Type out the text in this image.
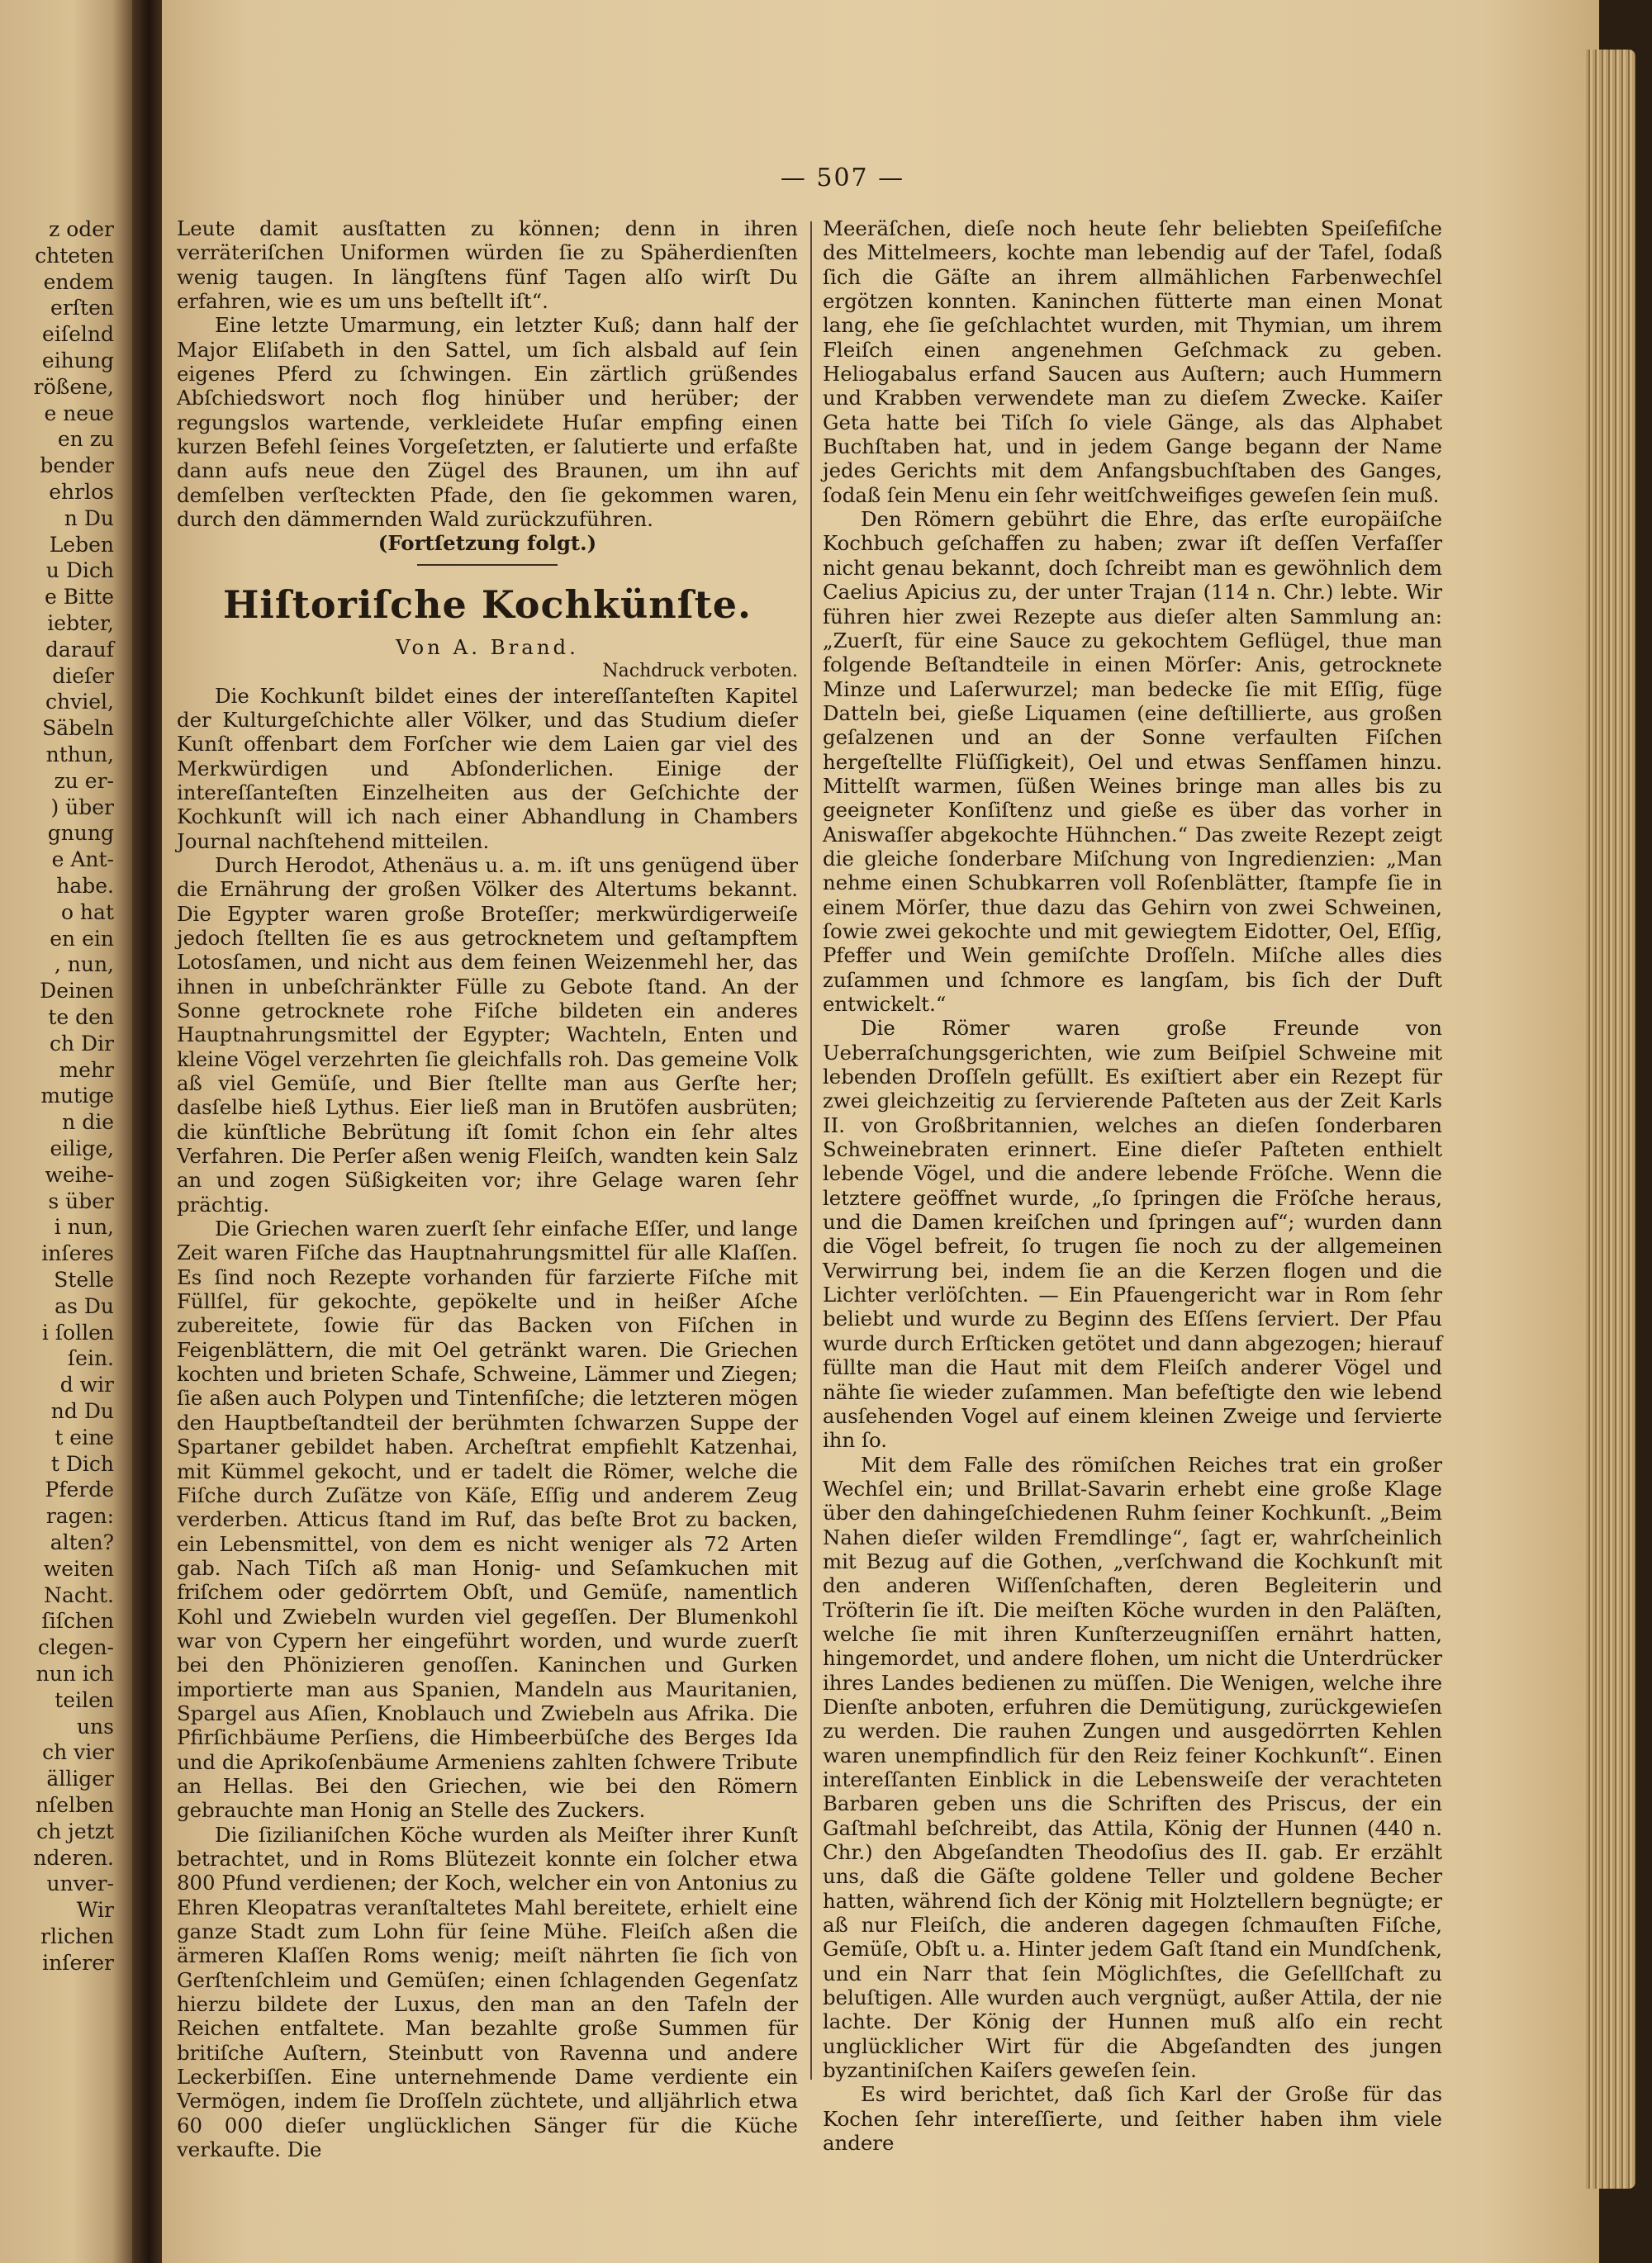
z oder
chteten
endem
erſten
eiſelnd
eihung
rößene,
e neue
en zu
bender
ehrlos
n Du
Leben
u Dich
e Bitte
iebter,
darauf
dieſer
chviel,
Säbeln
nthun,
zu er-
) über
gnung
e Ant-
habe.
o hat
en ein
, nun,
Deinen
te den
ch Dir
mehr
mutige
n die
eilige,
weihe-
s über
i nun,
inſeres
Stelle
as Du
i ſollen
ſein.
d wir
nd Du
t eine
t Dich
Pferde
ragen:
alten?
weiten
Nacht.
ſiſchen
clegen-
nun ich
teilen
uns
ch vier
älliger
nſelben
ch jetzt
nderen.
unver-
Wir
rlichen
inſerer
— 507 —

Leute damit ausſtatten zu können; denn in ihren verräteriſchen Uniformen würden ſie zu Späherdienſten wenig taugen. In längſtens fünf Tagen alſo wirſt Du erfahren, wie es um uns beſtellt iſt“.

Eine letzte Umarmung, ein letzter Kuß; dann half der Major Eliſabeth in den Sattel, um ſich alsbald auf ſein eigenes Pferd zu ſchwingen. Ein zärtlich grüßendes Abſchiedswort noch flog hinüber und herüber; der regungslos wartende, verkleidete Huſar empfing einen kurzen Befehl ſeines Vorgeſetzten, er ſalutierte und erfaßte dann aufs neue den Zügel des Braunen, um ihn auf demſelben verſteckten Pfade, den ſie gekommen waren, durch den dämmernden Wald zurückzuführen.

(Fortſetzung folgt.)

Hiſtoriſche Kochkünſte.

Von A. Brand.

Nachdruck verboten.

Die Kochkunſt bildet eines der intereſſanteſten Kapitel der Kulturgeſchichte aller Völker, und das Studium dieſer Kunſt offenbart dem Forſcher wie dem Laien gar viel des Merkwürdigen und Abſonderlichen. Einige der intereſſanteſten Einzelheiten aus der Geſchichte der Kochkunſt will ich nach einer Abhandlung in Chambers Journal nachſtehend mitteilen.

Durch Herodot, Athenäus u. a. m. iſt uns genügend über die Ernährung der großen Völker des Altertums bekannt. Die Egypter waren große Broteſſer; merkwürdigerweiſe jedoch ſtellten ſie es aus getrocknetem und geſtampftem Lotosſamen, und nicht aus dem feinen Weizenmehl her, das ihnen in unbeſchränkter Fülle zu Gebote ſtand. An der Sonne getrocknete rohe Fiſche bildeten ein anderes Hauptnahrungsmittel der Egypter; Wachteln, Enten und kleine Vögel verzehrten ſie gleichfalls roh. Das gemeine Volk aß viel Gemüſe, und Bier ſtellte man aus Gerſte her; dasſelbe hieß Lythus. Eier ließ man in Brutöfen ausbrüten; die künſtliche Bebrütung iſt ſomit ſchon ein ſehr altes Verfahren. Die Perſer aßen wenig Fleiſch, wandten kein Salz an und zogen Süßigkeiten vor; ihre Gelage waren ſehr prächtig.

Die Griechen waren zuerſt ſehr einfache Eſſer, und lange Zeit waren Fiſche das Hauptnahrungsmittel für alle Klaſſen. Es ſind noch Rezepte vorhanden für farzierte Fiſche mit Füllſel, für gekochte, gepökelte und in heißer Aſche zubereitete, ſowie für das Backen von Fiſchen in Feigenblättern, die mit Oel getränkt waren. Die Griechen kochten und brieten Schafe, Schweine, Lämmer und Ziegen; ſie aßen auch Polypen und Tintenfiſche; die letzteren mögen den Hauptbeſtandteil der berühmten ſchwarzen Suppe der Spartaner gebildet haben. Archeſtrat empfiehlt Katzenhai, mit Kümmel gekocht, und er tadelt die Römer, welche die Fiſche durch Zuſätze von Käſe, Eſſig und anderem Zeug verderben. Atticus ſtand im Ruf, das beſte Brot zu backen, ein Lebensmittel, von dem es nicht weniger als 72 Arten gab. Nach Tiſch aß man Honig- und Seſamkuchen mit friſchem oder gedörrtem Obſt, und Gemüſe, namentlich Kohl und Zwiebeln wurden viel gegeſſen. Der Blumenkohl war von Cypern her eingeführt worden, und wurde zuerſt bei den Phönizieren genoſſen. Kaninchen und Gurken importierte man aus Spanien, Mandeln aus Mauritanien, Spargel aus Aſien, Knoblauch und Zwiebeln aus Afrika. Die Pfirſichbäume Perſiens, die Himbeerbüſche des Berges Ida und die Aprikoſenbäume Armeniens zahlten ſchwere Tribute an Hellas. Bei den Griechen, wie bei den Römern gebrauchte man Honig an Stelle des Zuckers.

Die ſizilianiſchen Köche wurden als Meiſter ihrer Kunſt betrachtet, und in Roms Blütezeit konnte ein ſolcher etwa 800 Pfund verdienen; der Koch, welcher ein von Antonius zu Ehren Kleopatras veranſtaltetes Mahl bereitete, erhielt eine ganze Stadt zum Lohn für ſeine Mühe. Fleiſch aßen die ärmeren Klaſſen Roms wenig; meiſt nährten ſie ſich von Gerſtenſchleim und Gemüſen; einen ſchlagenden Gegenſatz hierzu bildete der Luxus, den man an den Tafeln der Reichen entfaltete. Man bezahlte große Summen für britiſche Auſtern, Steinbutt von Ravenna und andere Leckerbiſſen. Eine unternehmende Dame verdiente ein Vermögen, indem ſie Droſſeln züchtete, und alljährlich etwa 60 000 dieſer unglücklichen Sänger für die Küche verkaufte. Die

Meeräſchen, dieſe noch heute ſehr beliebten Speiſefiſche des Mittelmeers, kochte man lebendig auf der Tafel, ſodaß ſich die Gäſte an ihrem allmählichen Farbenwechſel ergötzen konnten. Kaninchen fütterte man einen Monat lang, ehe ſie geſchlachtet wurden, mit Thymian, um ihrem Fleiſch einen angenehmen Geſchmack zu geben. Heliogabalus erfand Saucen aus Auſtern; auch Hummern und Krabben verwendete man zu dieſem Zwecke. Kaiſer Geta hatte bei Tiſch ſo viele Gänge, als das Alphabet Buchſtaben hat, und in jedem Gange begann der Name jedes Gerichts mit dem Anfangsbuchſtaben des Ganges, ſodaß ſein Menu ein ſehr weitſchweifiges geweſen ſein muß.

Den Römern gebührt die Ehre, das erſte europäiſche Kochbuch geſchaffen zu haben; zwar iſt deſſen Verfaſſer nicht genau bekannt, doch ſchreibt man es gewöhnlich dem Caelius Apicius zu, der unter Trajan (114 n. Chr.) lebte. Wir führen hier zwei Rezepte aus dieſer alten Sammlung an: „Zuerſt, für eine Sauce zu gekochtem Geflügel, thue man folgende Beſtandteile in einen Mörſer: Anis, getrocknete Minze und Laſerwurzel; man bedecke ſie mit Eſſig, füge Datteln bei, gieße Liquamen (eine deſtillierte, aus großen geſalzenen und an der Sonne verfaulten Fiſchen hergeſtellte Flüſſigkeit), Oel und etwas Senfſamen hinzu. Mittelſt warmen, ſüßen Weines bringe man alles bis zu geeigneter Konſiſtenz und gieße es über das vorher in Aniswaſſer abgekochte Hühnchen.“ Das zweite Rezept zeigt die gleiche ſonderbare Miſchung von Ingredienzien: „Man nehme einen Schubkarren voll Roſenblätter, ſtampfe ſie in einem Mörſer, thue dazu das Gehirn von zwei Schweinen, ſowie zwei gekochte und mit gewiegtem Eidotter, Oel, Eſſig, Pfeffer und Wein gemiſchte Droſſeln. Miſche alles dies zuſammen und ſchmore es langſam, bis ſich der Duft entwickelt.“

Die Römer waren große Freunde von Ueberraſchungsgerichten, wie zum Beiſpiel Schweine mit lebenden Droſſeln gefüllt. Es exiſtiert aber ein Rezept für zwei gleichzeitig zu ſervierende Paſteten aus der Zeit Karls II. von Großbritannien, welches an dieſen ſonderbaren Schweinebraten erinnert. Eine dieſer Paſteten enthielt lebende Vögel, und die andere lebende Fröſche. Wenn die letztere geöffnet wurde, „ſo ſpringen die Fröſche heraus, und die Damen kreiſchen und ſpringen auf“; wurden dann die Vögel befreit, ſo trugen ſie noch zu der allgemeinen Verwirrung bei, indem ſie an die Kerzen flogen und die Lichter verlöſchten. — Ein Pfauengericht war in Rom ſehr beliebt und wurde zu Beginn des Eſſens ſerviert. Der Pfau wurde durch Erſticken getötet und dann abgezogen; hierauf füllte man die Haut mit dem Fleiſch anderer Vögel und nähte ſie wieder zuſammen. Man befeſtigte den wie lebend ausſehenden Vogel auf einem kleinen Zweige und ſervierte ihn ſo.

Mit dem Falle des römiſchen Reiches trat ein großer Wechſel ein; und Brillat-Savarin erhebt eine große Klage über den dahingeſchiedenen Ruhm ſeiner Kochkunſt. „Beim Nahen dieſer wilden Fremdlinge“, ſagt er, wahrſcheinlich mit Bezug auf die Gothen, „verſchwand die Kochkunſt mit den anderen Wiſſenſchaften, deren Begleiterin und Tröſterin ſie iſt. Die meiſten Köche wurden in den Paläſten, welche ſie mit ihren Kunſterzeugniſſen ernährt hatten, hingemordet, und andere flohen, um nicht die Unterdrücker ihres Landes bedienen zu müſſen. Die Wenigen, welche ihre Dienſte anboten, erfuhren die Demütigung, zurückgewieſen zu werden. Die rauhen Zungen und ausgedörrten Kehlen waren unempfindlich für den Reiz feiner Kochkunſt“. Einen intereſſanten Einblick in die Lebensweiſe der verachteten Barbaren geben uns die Schriften des Priscus, der ein Gaſtmahl beſchreibt, das Attila, König der Hunnen (440 n. Chr.) den Abgeſandten Theodoſius des II. gab. Er erzählt uns, daß die Gäſte goldene Teller und goldene Becher hatten, während ſich der König mit Holztellern begnügte; er aß nur Fleiſch, die anderen dagegen ſchmauſten Fiſche, Gemüſe, Obſt u. a. Hinter jedem Gaſt ſtand ein Mundſchenk, und ein Narr that ſein Möglichſtes, die Geſellſchaft zu beluſtigen. Alle wurden auch vergnügt, außer Attila, der nie lachte. Der König der Hunnen muß alſo ein recht unglücklicher Wirt für die Abgeſandten des jungen byzantiniſchen Kaiſers geweſen ſein.

Es wird berichtet, daß ſich Karl der Große für das Kochen ſehr intereſſierte, und ſeither haben ihm viele andere
